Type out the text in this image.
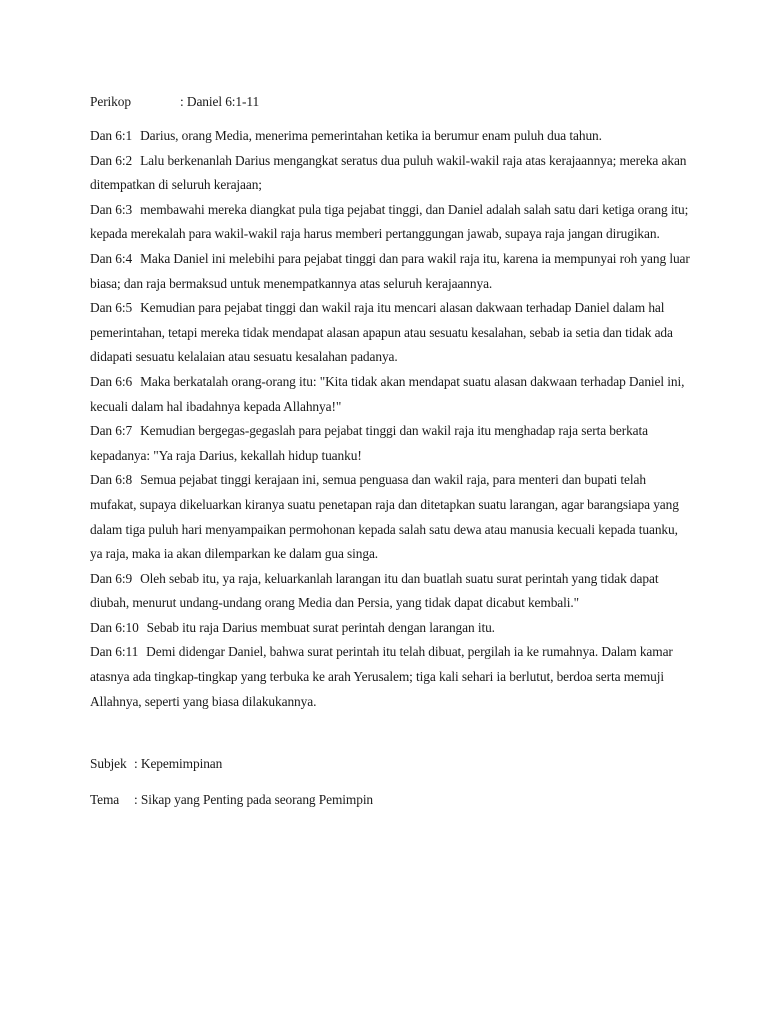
Perikop	: Daniel 6:1-11
Dan 6:1 Darius, orang Media, menerima pemerintahan ketika ia berumur enam puluh dua tahun.
Dan 6:2 Lalu berkenanlah Darius mengangkat seratus dua puluh wakil-wakil raja atas kerajaannya; mereka akan ditempatkan di seluruh kerajaan;
Dan 6:3 membawahi mereka diangkat pula tiga pejabat tinggi, dan Daniel adalah salah satu dari ketiga orang itu; kepada merekalah para wakil-wakil raja harus memberi pertanggungan jawab, supaya raja jangan dirugikan.
Dan 6:4 Maka Daniel ini melebihi para pejabat tinggi dan para wakil raja itu, karena ia mempunyai roh yang luar biasa; dan raja bermaksud untuk menempatkannya atas seluruh kerajaannya.
Dan 6:5 Kemudian para pejabat tinggi dan wakil raja itu mencari alasan dakwaan terhadap Daniel dalam hal pemerintahan, tetapi mereka tidak mendapat alasan apapun atau sesuatu kesalahan, sebab ia setia dan tidak ada didapati sesuatu kelalaian atau sesuatu kesalahan padanya.
Dan 6:6 Maka berkatalah orang-orang itu: "Kita tidak akan mendapat suatu alasan dakwaan terhadap Daniel ini, kecuali dalam hal ibadahnya kepada Allahnya!"
Dan 6:7 Kemudian bergegas-gegaslah para pejabat tinggi dan wakil raja itu menghadap raja serta berkata kepadanya: "Ya raja Darius, kekallah hidup tuanku!
Dan 6:8 Semua pejabat tinggi kerajaan ini, semua penguasa dan wakil raja, para menteri dan bupati telah mufakat, supaya dikeluarkan kiranya suatu penetapan raja dan ditetapkan suatu larangan, agar barangsiapa yang dalam tiga puluh hari menyampaikan permohonan kepada salah satu dewa atau manusia kecuali kepada tuanku, ya raja, maka ia akan dilemparkan ke dalam gua singa.
Dan 6:9 Oleh sebab itu, ya raja, keluarkanlah larangan itu dan buatlah suatu surat perintah yang tidak dapat diubah, menurut undang-undang orang Media dan Persia, yang tidak dapat dicabut kembali."
Dan 6:10 Sebab itu raja Darius membuat surat perintah dengan larangan itu.
Dan 6:11 Demi didengar Daniel, bahwa surat perintah itu telah dibuat, pergilah ia ke rumahnya. Dalam kamar atasnya ada tingkap-tingkap yang terbuka ke arah Yerusalem; tiga kali sehari ia berlutut, berdoa serta memuji Allahnya, seperti yang biasa dilakukannya.
Subjek : Kepemimpinan
Tema	: Sikap yang Penting pada seorang Pemimpin
